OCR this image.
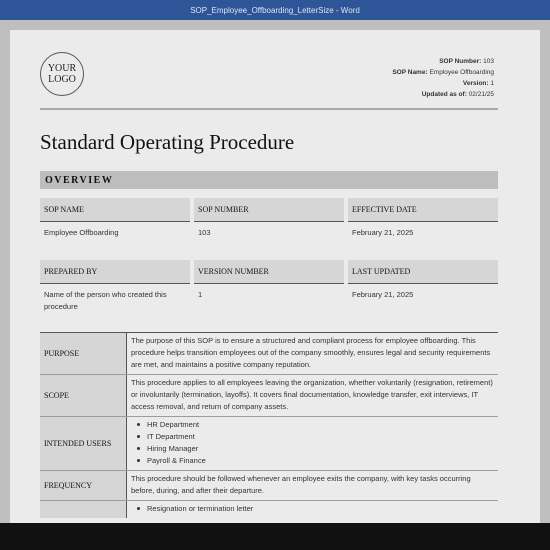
SOP_Employee_Offboarding_LetterSize - Word
YOUR
LOGO
SOP Number: 103
SOP Name: Employee Offboarding
Version: 1
Updated as of: 02/21/25
Standard Operating Procedure
OVERVIEW
SOP NAME
Employee Offboarding
SOP NUMBER
103
EFFECTIVE DATE
February 21, 2025
PREPARED BY
Name of the person who created this procedure
VERSION NUMBER
1
LAST UPDATED
February 21, 2025
PURPOSE
The purpose of this SOP is to ensure a structured and compliant process for employee offboarding. This procedure helps transition employees out of the company smoothly, ensures legal and security requirements are met, and maintains a positive company reputation.
SCOPE
This procedure applies to all employees leaving the organization, whether voluntarily (resignation, retirement) or involuntarily (termination, layoffs). It covers final documentation, knowledge transfer, exit interviews, IT access removal, and return of company assets.
INTENDED USERS
HR Department
IT Department
Hiring Manager
Payroll & Finance
FREQUENCY
This procedure should be followed whenever an employee exits the company, with key tasks occurring before, during, and after their departure.
Resignation or termination letter
